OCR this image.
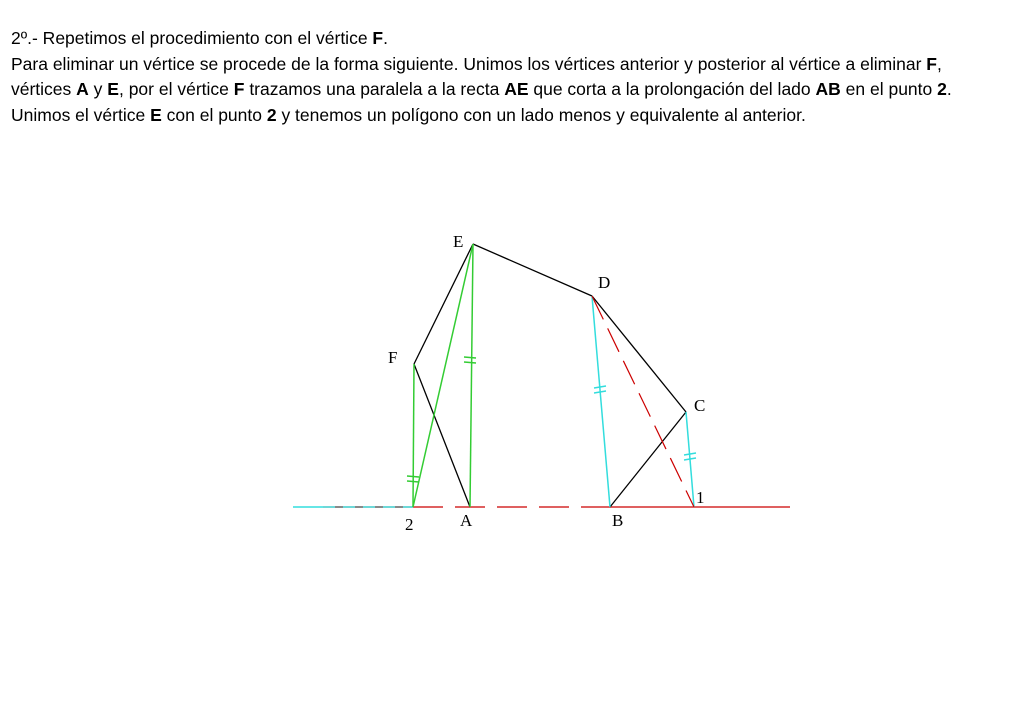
2º.- Repetimos el procedimiento con el vértice F.

Para eliminar un vértice se procede de la forma siguiente. Unimos los vértices anterior y posterior al vértice a eliminar F, vértices A y E, por el vértice F trazamos una paralela a la recta AE que corta a la prolongación del lado AB en el punto 2. Unimos el vértice E con el punto 2 y tenemos un polígono con un lado menos y equivalente al anterior.

E
D
C
F
A	B
1
2
